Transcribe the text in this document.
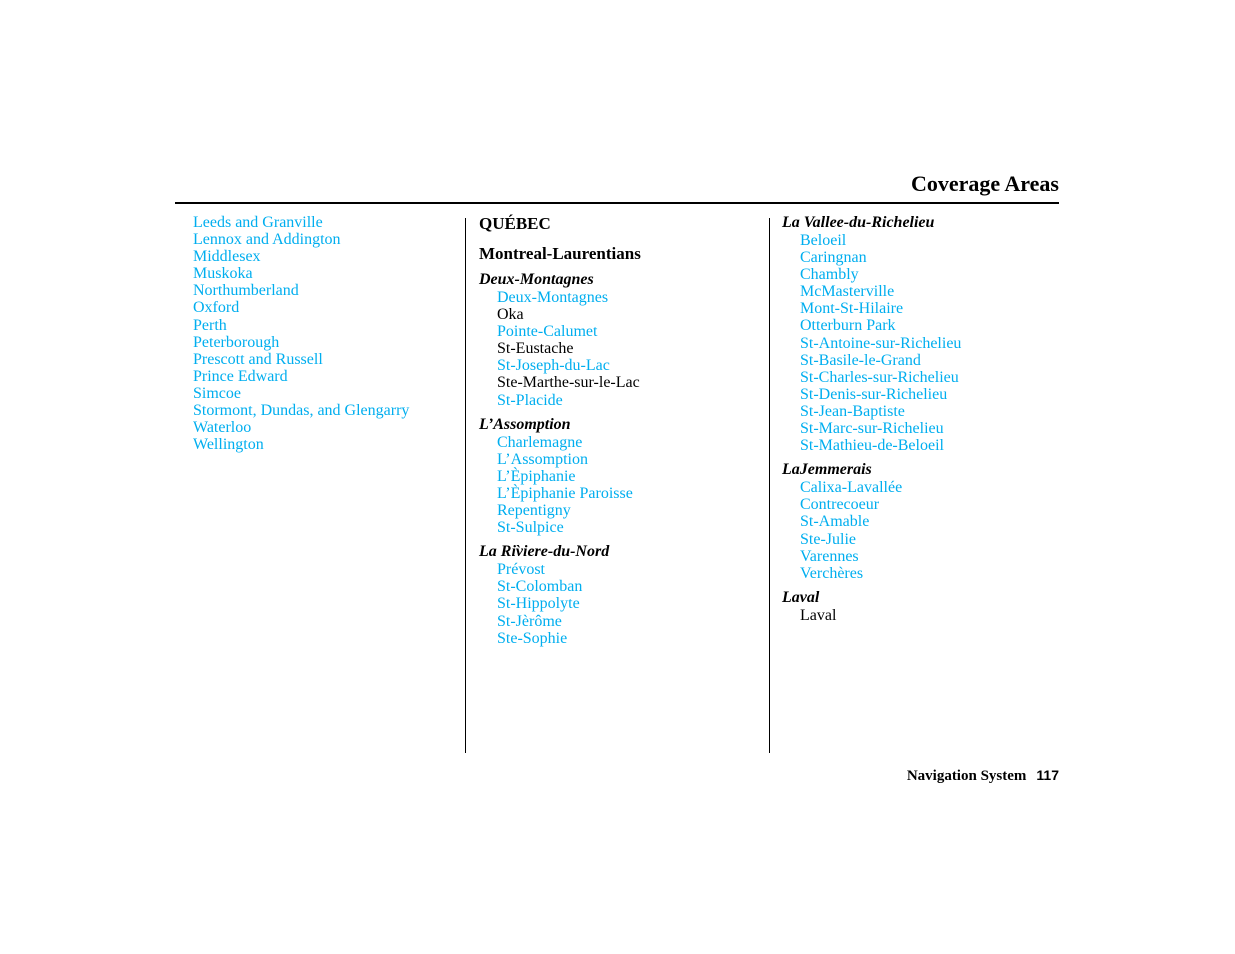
Coverage Areas
Leeds and Granville
Lennox and Addington
Middlesex
Muskoka
Northumberland
Oxford
Perth
Peterborough
Prescott and Russell
Prince Edward
Simcoe
Stormont, Dundas, and Glengarry
Waterloo
Wellington
QUÉBEC
Montreal-Laurentians
Deux-Montagnes
Deux-Montagnes
Oka
Pointe-Calumet
St-Eustache
St-Joseph-du-Lac
Ste-Marthe-sur-le-Lac
St-Placide
L’Assomption
Charlemagne
L’Assomption
L’Èpiphanie
L’Èpiphanie Paroisse
Repentigny
St-Sulpice
La Riv̀iere-du-Nord
Prévost
St-Colomban
St-Hippolyte
St-Jèrôme
Ste-Sophie
La Vallee-du-Richelieu
Beloeil
Caringnan
Chambly
McMasterville
Mont-St-Hilaire
Otterburn Park
St-Antoine-sur-Richelieu
St-Basile-le-Grand
St-Charles-sur-Richelieu
St-Denis-sur-Richelieu
St-Jean-Baptiste
St-Marc-sur-Richelieu
St-Mathieu-de-Beloeil
LaJemmerais
Calixa-Lavallée
Contrecoeur
St-Amable
Ste-Julie
Varennes
Verchères
Laval
Laval
Navigation System 117
